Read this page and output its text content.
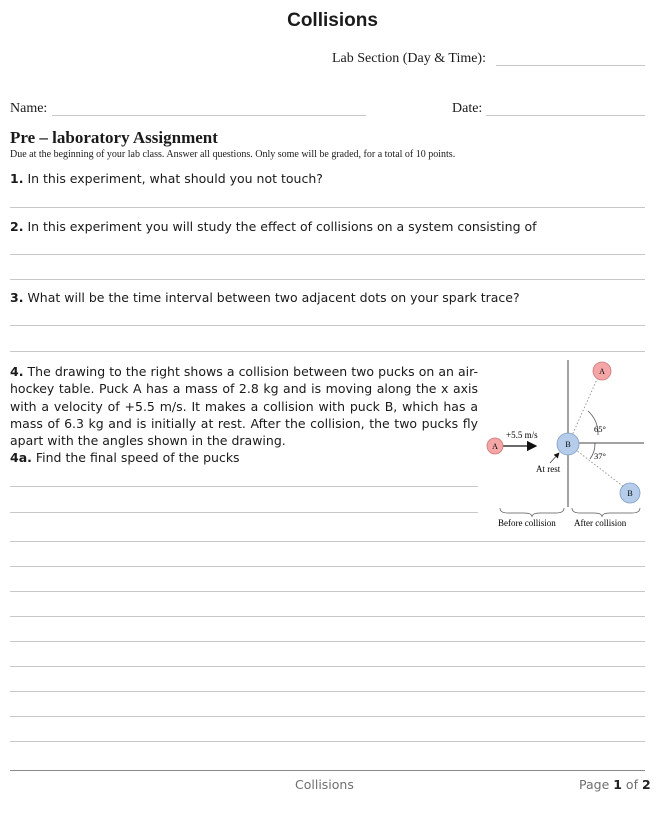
Collisions
Lab Section (Day & Time):
Name:	Date:
Pre – laboratory Assignment
Due at the beginning of your lab class. Answer all questions. Only some will be graded, for a total of 10 points.
1. In this experiment, what should you not touch?
2. In this experiment you will study the effect of collisions on a system consisting of
3. What will be the time interval between two adjacent dots on your spark trace?
4. The drawing to the right shows a collision between two pucks on an air-hockey table. Puck A has a mass of 2.8 kg and is moving along the x axis with a velocity of +5.5 m/s. It makes a collision with puck B, which has a mass of 6.3 kg and is initially at rest. After the collision, the two pucks fly apart with the angles shown in the drawing.
4a. Find the final speed of the pucks
65°
37°
+5.5 m/s
At rest
A	B
A
B
Before collision After collision
Collisions	Page 1 of 2
